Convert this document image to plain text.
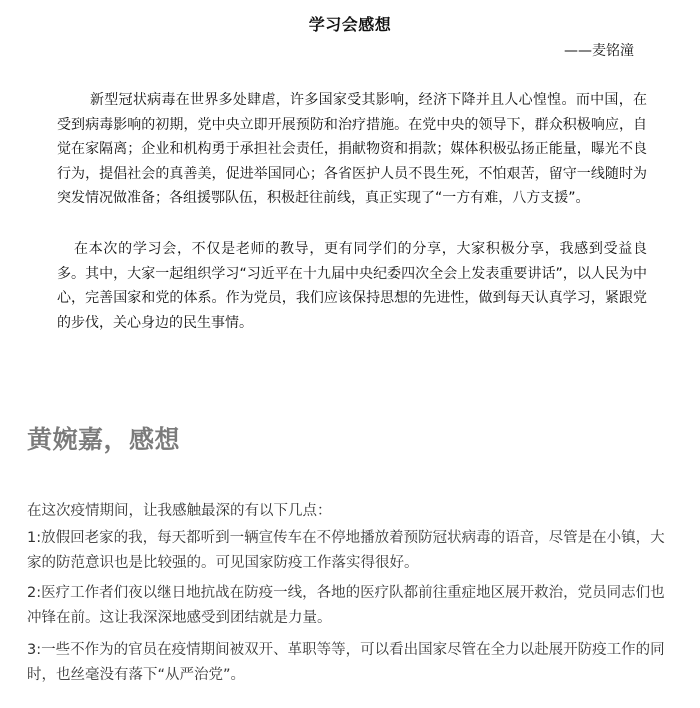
学习会感想
——麦铭潼

新型冠状病毒在世界多处肆虐，许多国家受其影响，经济下降并且人心惶惶。而中国，在受到病毒影响的初期，党中央立即开展预防和治疗措施。在党中央的领导下，群众积极响应，自觉在家隔离；企业和机构勇于承担社会责任，捐献物资和捐款；媒体积极弘扬正能量，曝光不良行为，提倡社会的真善美，促进举国同心；各省医护人员不畏生死，不怕艰苦，留守一线随时为突发情况做准备；各组援鄂队伍，积极赶往前线，真正实现了“一方有难，八方支援”。

在本次的学习会，不仅是老师的教导，更有同学们的分享，大家积极分享，我感到受益良多。其中，大家一起组织学习“习近平在十九届中央纪委四次全会上发表重要讲话”，以人民为中心，完善国家和党的体系。作为党员，我们应该保持思想的先进性，做到每天认真学习，紧跟党的步伐，关心身边的民生事情。

黄婉嘉，感想
在这次疫情期间，让我感触最深的有以下几点：

1:放假回老家的我，每天都听到一辆宣传车在不停地播放着预防冠状病毒的语音，尽管是在小镇，大家的防范意识也是比较强的。可见国家防疫工作落实得很好。

2:医疗工作者们夜以继日地抗战在防疫一线，各地的医疗队都前往重症地区展开救治，党员同志们也冲锋在前。这让我深深地感受到团结就是力量。

3:一些不作为的官员在疫情期间被双开、革职等等，可以看出国家尽管在全力以赴展开防疫工作的同时，也丝毫没有落下“从严治党”。
